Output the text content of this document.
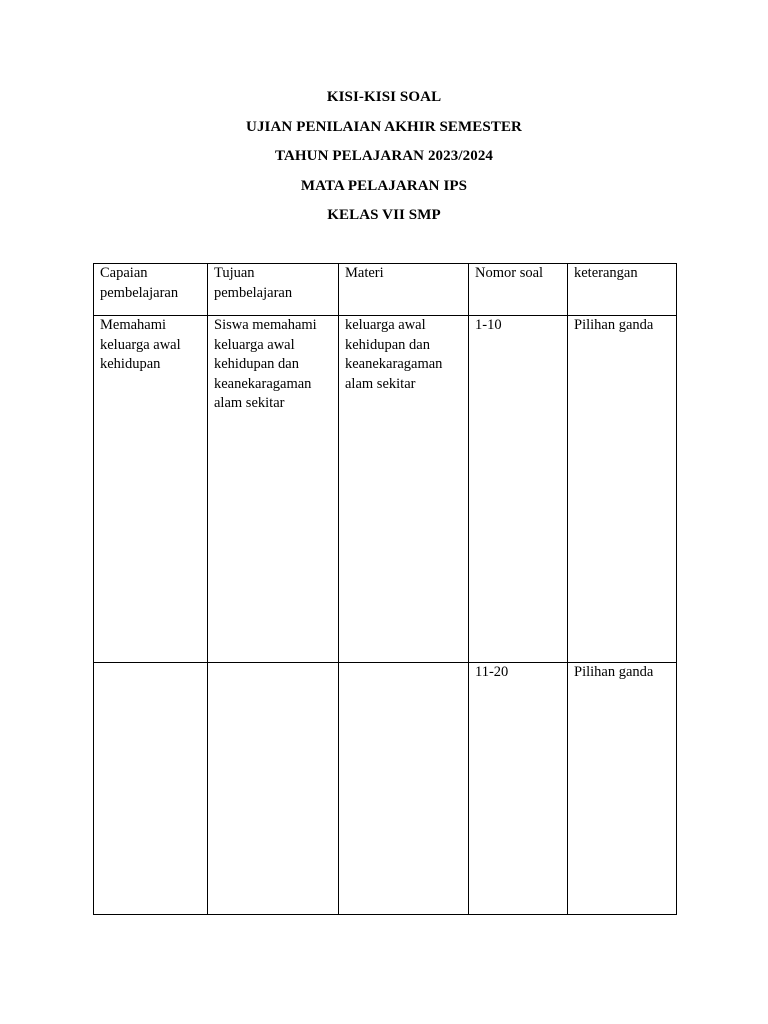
KISI-KISI SOAL
UJIAN PENILAIAN AKHIR SEMESTER
TAHUN PELAJARAN 2023/2024
MATA PELAJARAN IPS
KELAS VII SMP
Capaian pembelajaran	Tujuan pembelajaran	Materi	Nomor soal	keterangan

Memahami keluarga awal kehidupan	Siswa memahami keluarga awal kehidupan dan keanekaragaman alam sekitar	keluarga awal kehidupan dan keanekaragaman alam sekitar	1-10	Pilihan ganda

			11-20	Pilihan ganda
